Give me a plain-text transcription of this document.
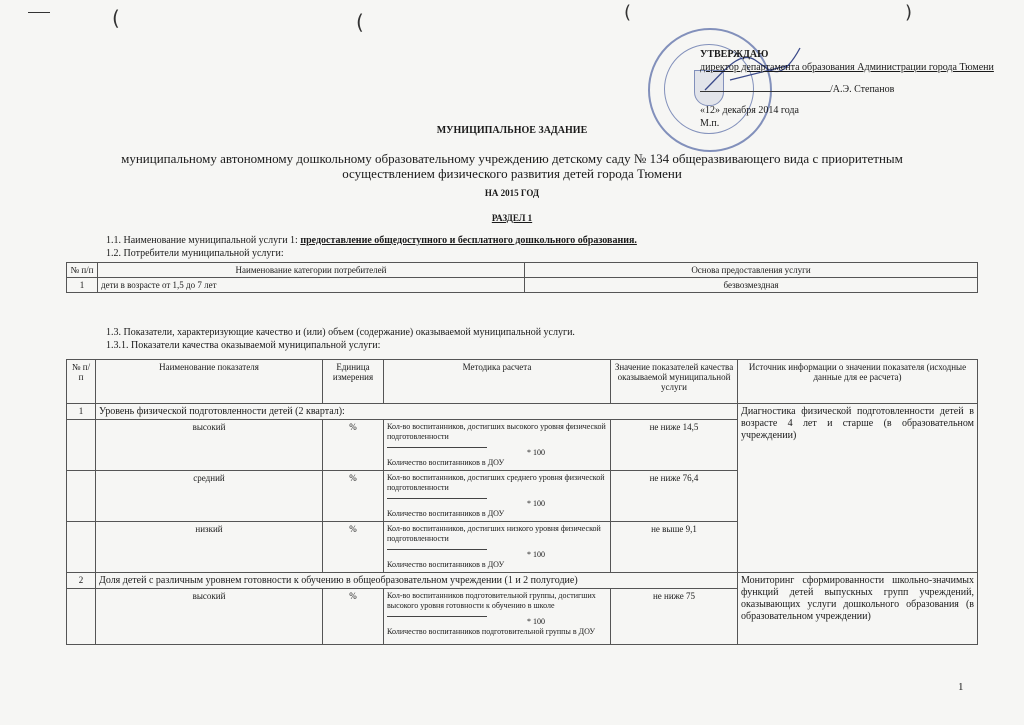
(	(	(	)
УТВЕРЖДАЮ
директор департамента образования Администрации города Тюмени
/А.Э. Степанов
«12» декабря 2014 года
М.п.
МУНИЦИПАЛЬНОЕ ЗАДАНИЕ
муниципальному автономному дошкольному образовательному учреждению детскому саду № 134 общеразвивающего вида с приоритетным
осуществлением физического развития детей города Тюмени
НА 2015 ГОД
РАЗДЕЛ 1
1.1. Наименование муниципальной услуги 1: предоставление общедоступного и бесплатного дошкольного образования.
1.2. Потребители муниципальной услуги:
№ п/п	Наименование категории потребителей	Основа предоставления услуги
1	дети в возрасте от 1,5 до 7 лет	безвозмездная
1.3. Показатели, характеризующие качество и (или) объем (содержание) оказываемой муниципальной услуги.
1.3.1. Показатели качества оказываемой муниципальной услуги:
№ п/п	Наименование показателя	Единица измерения	Методика расчета	Значение показателей качества оказываемой муниципальной услуги	Источник информации о значении показателя (исходные данные для ее расчета)
1	Уровень физической подготовленности детей (2 квартал):				Диагностика физической подготовленности детей в возрасте 4 лет и старше (в образовательном учреждении)
	высокий	%	Кол-во воспитанников, достигших высокого уровня физической подготовленности
* 100
Количество воспитанников в ДОУ	не ниже 14,5	
	средний	%	Кол-во воспитанников, достигших среднего уровня физической подготовленности
* 100
Количество воспитанников в ДОУ	не ниже 76,4	
	низкий	%	Кол-во воспитанников, достигших низкого уровня физической подготовленности
* 100
Количество воспитанников в ДОУ	не выше 9,1	
2	Доля детей с различным уровнем готовности к обучению в общеобразовательном учреждении (1 и 2 полугодие)				Мониторинг сформированности школьно-значимых функций детей выпускных групп учреждений, оказывающих услуги дошкольного образования (в образовательном учреждении)
	высокий	%	Кол-во воспитанников подготовительной группы, достигших высокого уровня готовности к обучению в школе
* 100
Количество воспитанников подготовительной группы в ДОУ	не ниже 75	
1
